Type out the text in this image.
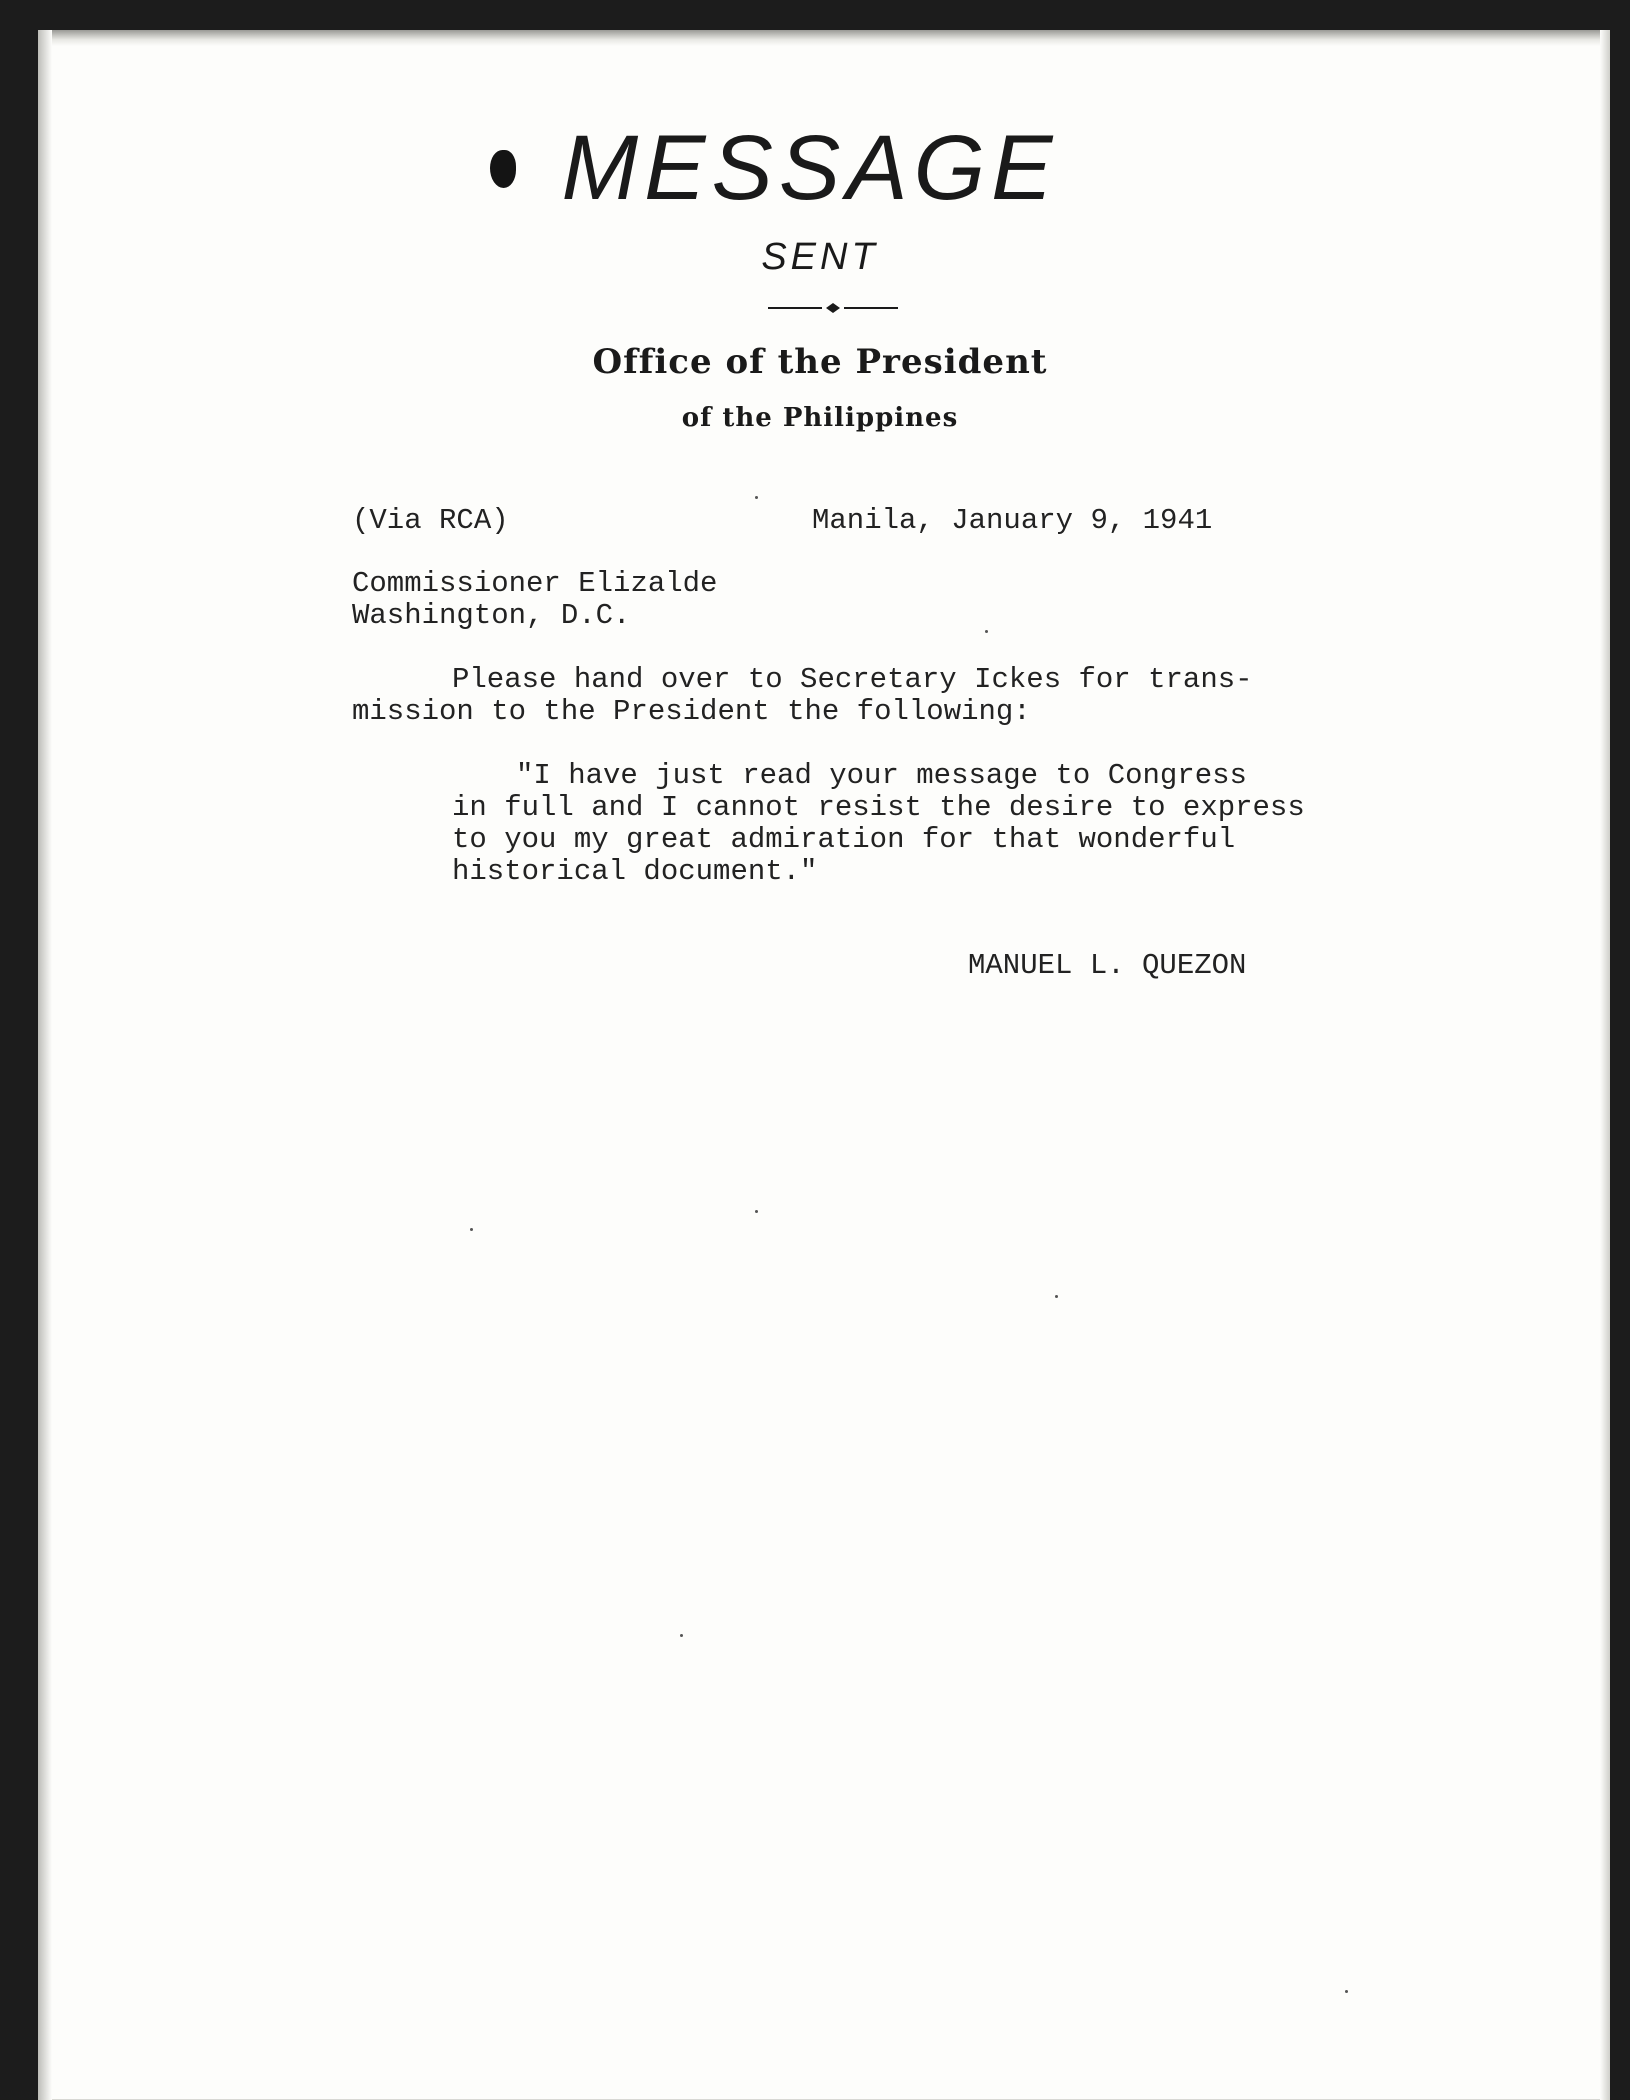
MESSAGE
SENT
Office of the President
of the Philippines
(Via RCA)	Manila, January 9, 1941
Commissioner Elizalde
Washington, D.C.
Please hand over to Secretary Ickes for trans-
mission to the President the following:
"I have just read your message to Congress
in full and I cannot resist the desire to express
to you my great admiration for that wonderful
historical document."
MANUEL L. QUEZON
